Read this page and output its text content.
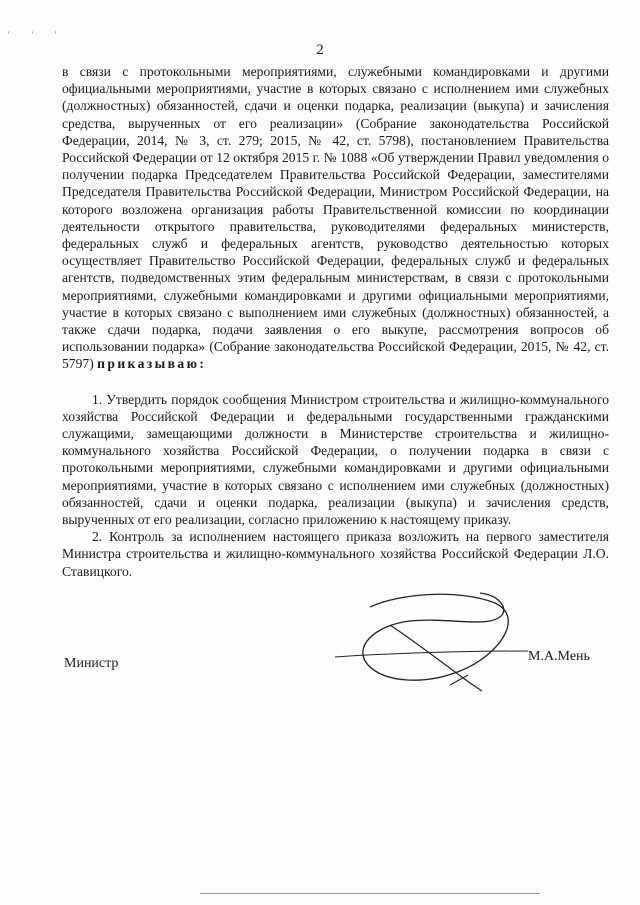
' ' '
2

в связи с протокольными мероприятиями, служебными командировками и другими официальными мероприятиями, участие в которых связано с исполнением ими служебных (должностных) обязанностей, сдачи и оценки подарка, реализации (выкупа) и зачисления средства, вырученных от его реализации» (Собрание законодательства Российской Федерации, 2014, № 3, ст. 279; 2015, № 42, ст. 5798), постановлением Правительства Российской Федерации от 12 октября 2015 г. № 1088 «Об утверждении Правил уведомления о получении подарка Председателем Правительства Российской Федерации, заместителями Председателя Правительства Российской Федерации, Министром Российской Федерации, на которого возложена организация работы Правительственной комиссии по координации деятельности открытого правительства, руководителями федеральных министерств, федеральных служб и федеральных агентств, руководство деятельностью которых осуществляет Правительство Российской Федерации, федеральных служб и федеральных агентств, подведомственных этим федеральным министерствам, в связи с протокольными мероприятиями, служебными командировками и другими официальными мероприятиями, участие в которых связано с выполнением ими служебных (должностных) обязанностей, а также сдачи подарка, подачи заявления о его выкупе, рассмотрения вопросов об использовании подарка» (Собрание законодательства Российской Федерации, 2015, № 42, ст. 5797) приказываю:

1. Утвердить порядок сообщения Министром строительства и жилищно-коммунального хозяйства Российской Федерации и федеральными государственными гражданскими служащими, замещающими должности в Министерстве строительства и жилищно-коммунального хозяйства Российской Федерации, о получении подарка в связи с протокольными мероприятиями, служебными командировками и другими официальными мероприятиями, участие в которых связано с исполнением ими служебных (должностных) обязанностей, сдачи и оценки подарка, реализации (выкупа) и зачисления средств, вырученных от его реализации, согласно приложению к настоящему приказу.

2. Контроль за исполнением настоящего приказа возложить на первого заместителя Министра строительства и жилищно-коммунального хозяйства Российской Федерации Л.О. Ставицкого.

Министр	М.А.Мень
